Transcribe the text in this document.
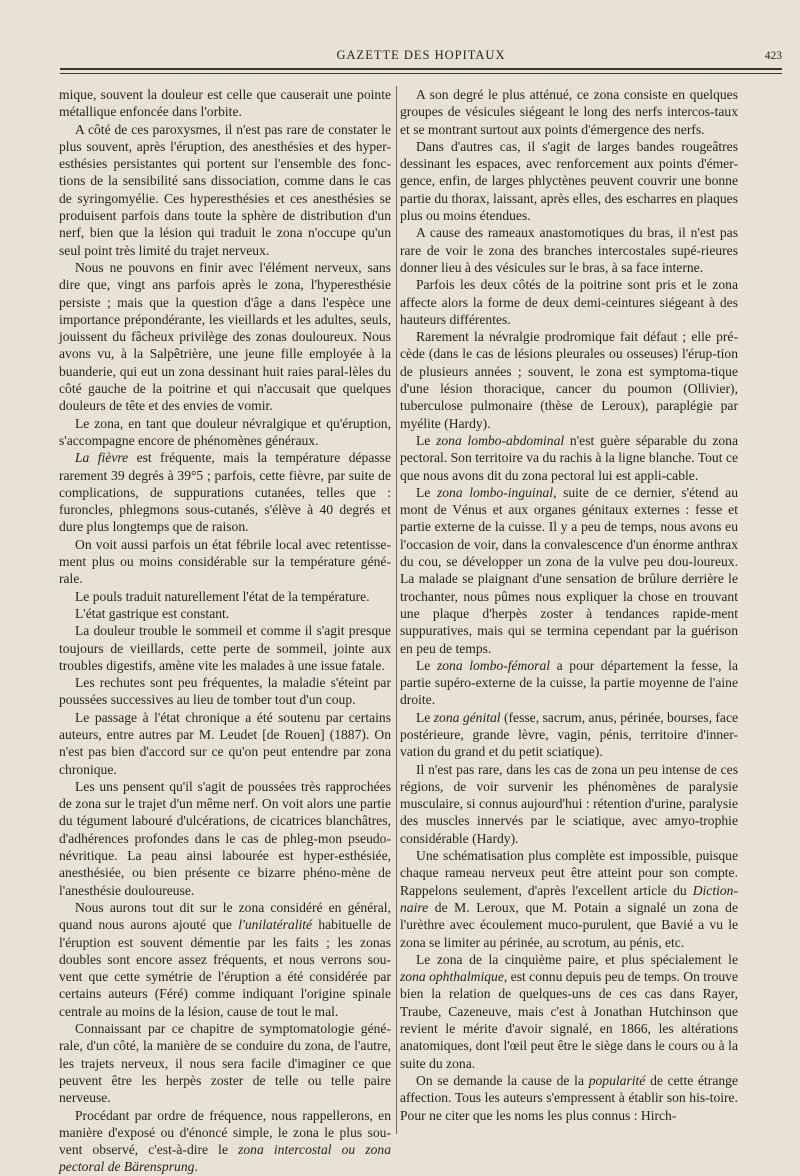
GAZETTE DES HOPITAUX	423

mique, souvent la douleur est celle que causerait une pointe métallique enfoncée dans l'orbite.

A côté de ces paroxysmes, il n'est pas rare de constater le plus souvent, après l'éruption, des anesthésies et des hyper-esthésies persistantes qui portent sur l'ensemble des fonc-tions de la sensibilité sans dissociation, comme dans le cas de syringomyélie. Ces hyperesthésies et ces anesthésies se produisent parfois dans toute la sphère de distribution d'un nerf, bien que la lésion qui traduit le zona n'occupe qu'un seul point très limité du trajet nerveux.

Nous ne pouvons en finir avec l'élément nerveux, sans dire que, vingt ans parfois après le zona, l'hyperesthésie persiste ; mais que la question d'âge a dans l'espèce une importance prépondérante, les vieillards et les adultes, seuls, jouissent du fâcheux privilège des zonas douloureux. Nous avons vu, à la Salpêtrière, une jeune fille employée à la buanderie, qui eut un zona dessinant huit raies paral-lèles du côté gauche de la poitrine et qui n'accusait que quelques douleurs de tête et des envies de vomir.

Le zona, en tant que douleur névralgique et qu'éruption, s'accompagne encore de phénomènes généraux.

La fièvre est fréquente, mais la température dépasse rarement 39 degrés à 39°5 ; parfois, cette fièvre, par suite de complications, de suppurations cutanées, telles que : furoncles, phlegmons sous-cutanés, s'élève à 40 degrés et dure plus longtemps que de raison.

On voit aussi parfois un état fébrile local avec retentisse-ment plus ou moins considérable sur la température géné-rale.

Le pouls traduit naturellement l'état de la température.

L'état gastrique est constant.

La douleur trouble le sommeil et comme il s'agit presque toujours de vieillards, cette perte de sommeil, jointe aux troubles digestifs, amène vite les malades à une issue fatale.

Les rechutes sont peu fréquentes, la maladie s'éteint par poussées successives au lieu de tomber tout d'un coup.

Le passage à l'état chronique a été soutenu par certains auteurs, entre autres par M. Leudet [de Rouen] (1887). On n'est pas bien d'accord sur ce qu'on peut entendre par zona chronique.

Les uns pensent qu'il s'agit de poussées très rapprochées de zona sur le trajet d'un même nerf. On voit alors une partie du tégument labouré d'ulcérations, de cicatrices blanchâtres, d'adhérences profondes dans le cas de phleg-mon pseudo-névritique. La peau ainsi labourée est hyper-esthésiée, anesthésiée, ou bien présente ce bizarre phéno-mène de l'anesthésie douloureuse.

Nous aurons tout dit sur le zona considéré en général, quand nous aurons ajouté que l'unilatéralité habituelle de l'éruption est souvent démentie par les faits ; les zonas doubles sont encore assez fréquents, et nous verrons sou-vent que cette symétrie de l'éruption a été considérée par certains auteurs (Féré) comme indiquant l'origine spinale centrale au moins de la lésion, cause de tout le mal.

Connaissant par ce chapitre de symptomatologie géné-rale, d'un côté, la manière de se conduire du zona, de l'autre, les trajets nerveux, il nous sera facile d'imaginer ce que peuvent être les herpès zoster de telle ou telle paire nerveuse.

Procédant par ordre de fréquence, nous rappellerons, en manière d'exposé ou d'énoncé simple, le zona le plus sou-vent observé, c'est-à-dire le zona intercostal ou zona pectoral de Bärensprung.

A son degré le plus atténué, ce zona consiste en quelques groupes de vésicules siégeant le long des nerfs intercos-taux et se montrant surtout aux points d'émergence des nerfs.

Dans d'autres cas, il s'agit de larges bandes rougeâtres dessinant les espaces, avec renforcement aux points d'émer-gence, enfin, de larges phlyctènes peuvent couvrir une bonne partie du thorax, laissant, après elles, des escharres en plaques plus ou moins étendues.

A cause des rameaux anastomotiques du bras, il n'est pas rare de voir le zona des branches intercostales supé-rieures donner lieu à des vésicules sur le bras, à sa face interne.

Parfois les deux côtés de la poitrine sont pris et le zona affecte alors la forme de deux demi-ceintures siégeant à des hauteurs différentes.

Rarement la névralgie prodromique fait défaut ; elle pré-cède (dans le cas de lésions pleurales ou osseuses) l'érup-tion de plusieurs années ; souvent, le zona est symptoma-tique d'une lésion thoracique, cancer du poumon (Ollivier), tuberculose pulmonaire (thèse de Leroux), paraplégie par myélite (Hardy).

Le zona lombo-abdominal n'est guère séparable du zona pectoral. Son territoire va du rachis à la ligne blanche. Tout ce que nous avons dit du zona pectoral lui est appli-cable.

Le zona lombo-inguinal, suite de ce dernier, s'étend au mont de Vénus et aux organes génitaux externes : fesse et partie externe de la cuisse. Il y a peu de temps, nous avons eu l'occasion de voir, dans la convalescence d'un énorme anthrax du cou, se développer un zona de la vulve peu dou-loureux. La malade se plaignant d'une sensation de brûlure derrière le trochanter, nous pûmes nous expliquer la chose en trouvant une plaque d'herpès zoster à tendances rapide-ment suppuratives, mais qui se termina cependant par la guérison en peu de temps.

Le zona lombo-fémoral a pour département la fesse, la partie supéro-externe de la cuisse, la partie moyenne de l'aine droite.

Le zona génital (fesse, sacrum, anus, périnée, bourses, face postérieure, grande lèvre, vagin, pénis, territoire d'inner-vation du grand et du petit sciatique).

Il n'est pas rare, dans les cas de zona un peu intense de ces régions, de voir survenir les phénomènes de paralysie musculaire, si connus aujourd'hui : rétention d'urine, paralysie des muscles innervés par le sciatique, avec amyo-trophie considérable (Hardy).

Une schématisation plus complète est impossible, puisque chaque rameau nerveux peut être atteint pour son compte. Rappelons seulement, d'après l'excellent article du Diction-naire de M. Leroux, que M. Potain a signalé un zona de l'urèthre avec écoulement muco-purulent, que Bavié a vu le zona se limiter au périnée, au scrotum, au pénis, etc.

Le zona de la cinquième paire, et plus spécialement le zona ophthalmique, est connu depuis peu de temps. On trouve bien la relation de quelques-uns de ces cas dans Rayer, Traube, Cazeneuve, mais c'est à Jonathan Hutchinson que revient le mérite d'avoir signalé, en 1866, les altérations anatomiques, dont l'œil peut être le siège dans le cours ou à la suite du zona.

On se demande la cause de la popularité de cette étrange affection. Tous les auteurs s'empressent à établir son his-toire. Pour ne citer que les noms les plus connus : Hirch-
